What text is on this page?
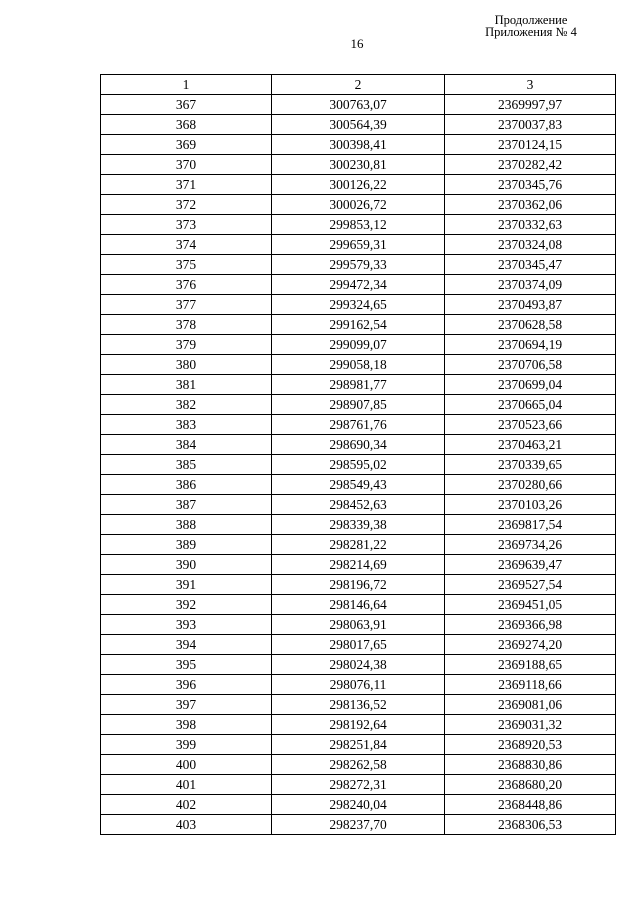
Продолжение
Приложения № 4
16
1	2	3
367	300763,07	2369997,97
368	300564,39	2370037,83
369	300398,41	2370124,15
370	300230,81	2370282,42
371	300126,22	2370345,76
372	300026,72	2370362,06
373	299853,12	2370332,63
374	299659,31	2370324,08
375	299579,33	2370345,47
376	299472,34	2370374,09
377	299324,65	2370493,87
378	299162,54	2370628,58
379	299099,07	2370694,19
380	299058,18	2370706,58
381	298981,77	2370699,04
382	298907,85	2370665,04
383	298761,76	2370523,66
384	298690,34	2370463,21
385	298595,02	2370339,65
386	298549,43	2370280,66
387	298452,63	2370103,26
388	298339,38	2369817,54
389	298281,22	2369734,26
390	298214,69	2369639,47
391	298196,72	2369527,54
392	298146,64	2369451,05
393	298063,91	2369366,98
394	298017,65	2369274,20
395	298024,38	2369188,65
396	298076,11	2369118,66
397	298136,52	2369081,06
398	298192,64	2369031,32
399	298251,84	2368920,53
400	298262,58	2368830,86
401	298272,31	2368680,20
402	298240,04	2368448,86
403	298237,70	2368306,53
